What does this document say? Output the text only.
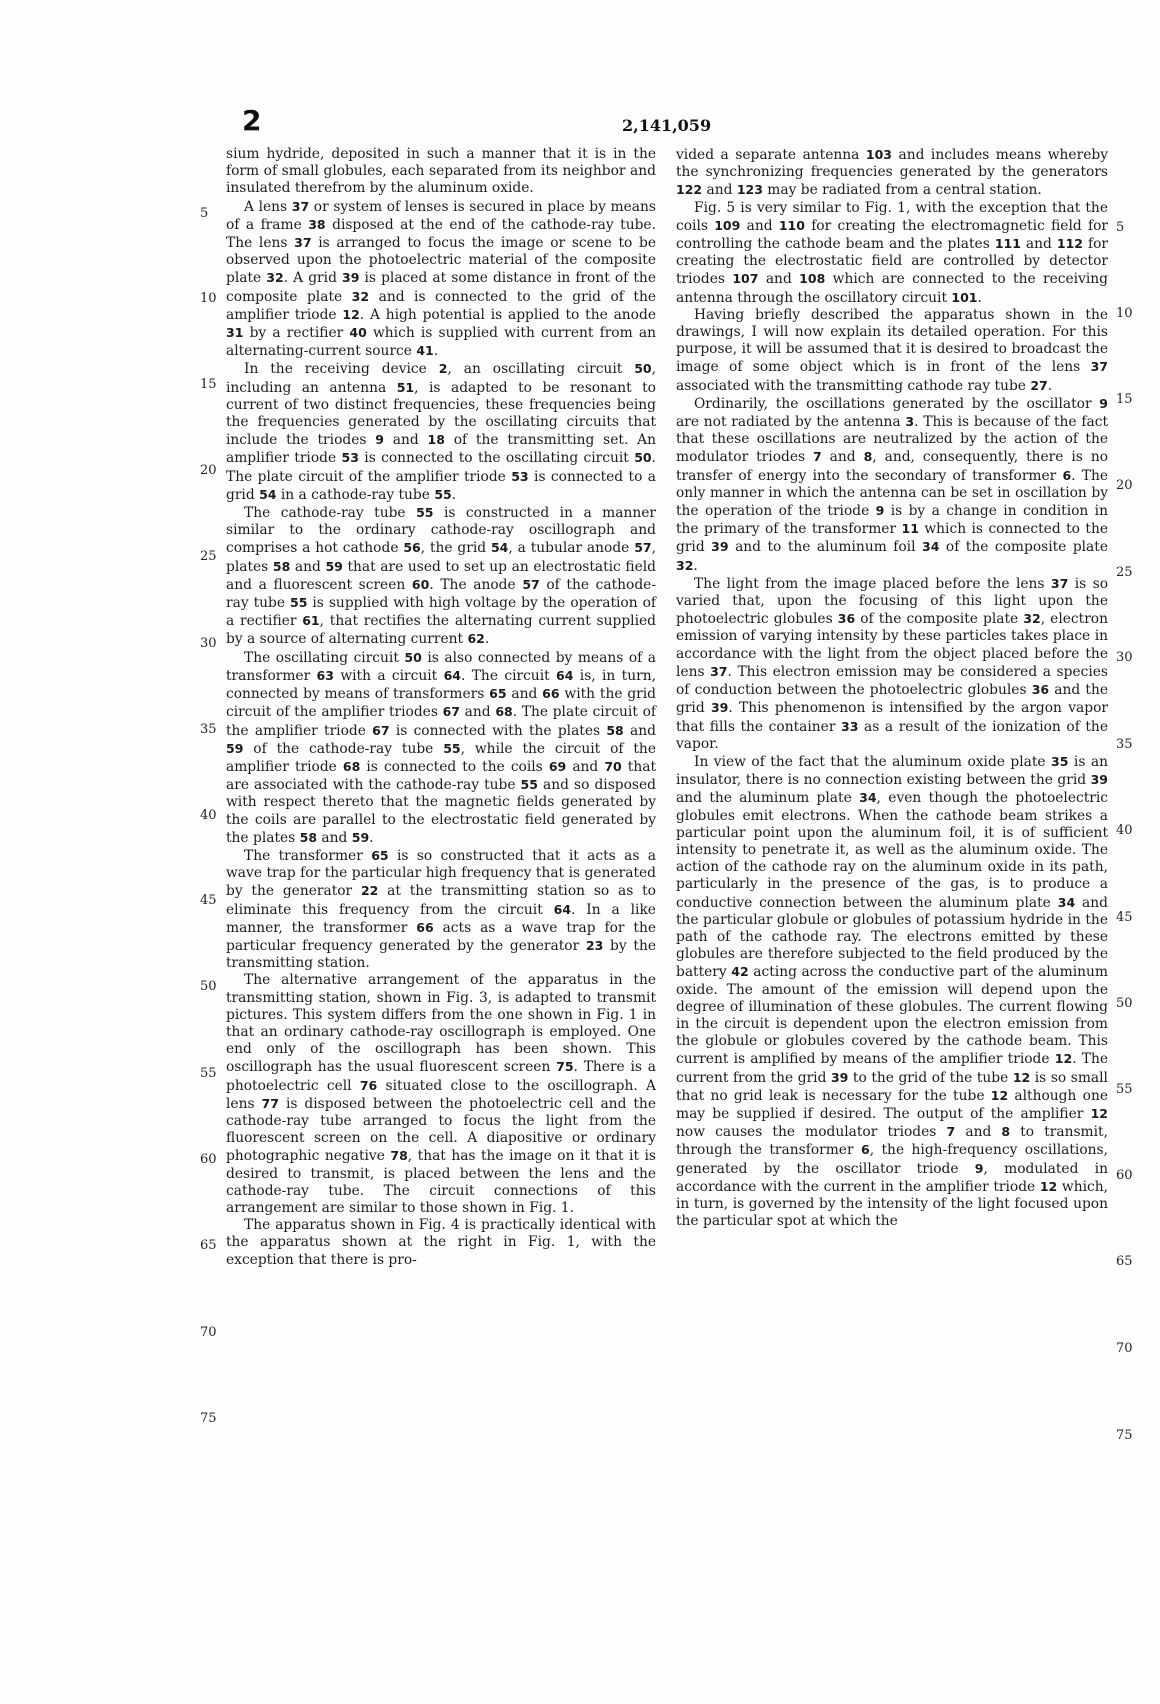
2	2,141,059

sium hydride, deposited in such a manner that it is in the form of small globules, each separated from its neighbor and insulated therefrom by the aluminum oxide.

A lens 37 or system of lenses is secured in place by means of a frame 38 disposed at the end of the cathode-ray tube. The lens 37 is arranged to focus the image or scene to be observed upon the photoelectric material of the composite plate 32. A grid 39 is placed at some distance in front of the composite plate 32 and is connected to the grid of the amplifier triode 12. A high potential is applied to the anode 31 by a rectifier 40 which is supplied with current from an alternating-current source 41.

In the receiving device 2, an oscillating circuit 50, including an antenna 51, is adapted to be resonant to current of two distinct frequencies, these frequencies being the frequencies generated by the oscillating circuits that include the triodes 9 and 18 of the transmitting set. An amplifier triode 53 is connected to the oscillating circuit 50. The plate circuit of the amplifier triode 53 is connected to a grid 54 in a cathode-ray tube 55.

The cathode-ray tube 55 is constructed in a manner similar to the ordinary cathode-ray oscillograph and comprises a hot cathode 56, the grid 54, a tubular anode 57, plates 58 and 59 that are used to set up an electrostatic field and a fluorescent screen 60. The anode 57 of the cathode-ray tube 55 is supplied with high voltage by the operation of a rectifier 61, that rectifies the alternating current supplied by a source of alternating current 62.

The oscillating circuit 50 is also connected by means of a transformer 63 with a circuit 64. The circuit 64 is, in turn, connected by means of transformers 65 and 66 with the grid circuit of the amplifier triodes 67 and 68. The plate circuit of the amplifier triode 67 is connected with the plates 58 and 59 of the cathode-ray tube 55, while the circuit of the amplifier triode 68 is connected to the coils 69 and 70 that are associated with the cathode-ray tube 55 and so disposed with respect thereto that the magnetic fields generated by the coils are parallel to the electrostatic field generated by the plates 58 and 59.

The transformer 65 is so constructed that it acts as a wave trap for the particular high frequency that is generated by the generator 22 at the transmitting station so as to eliminate this frequency from the circuit 64. In a like manner, the transformer 66 acts as a wave trap for the particular frequency generated by the generator 23 by the transmitting station.

The alternative arrangement of the apparatus in the transmitting station, shown in Fig. 3, is adapted to transmit pictures. This system differs from the one shown in Fig. 1 in that an ordinary cathode-ray oscillograph is employed. One end only of the oscillograph has been shown. This oscillograph has the usual fluorescent screen 75. There is a photoelectric cell 76 situated close to the oscillograph. A lens 77 is disposed between the photoelectric cell and the cathode-ray tube arranged to focus the light from the fluorescent screen on the cell. A diapositive or ordinary photographic negative 78, that has the image on it that it is desired to transmit, is placed between the lens and the cathode-ray tube. The circuit connections of this arrangement are similar to those shown in Fig. 1.

The apparatus shown in Fig. 4 is practically identical with the apparatus shown at the right in Fig. 1, with the exception that there is pro-

vided a separate antenna 103 and includes means whereby the synchronizing frequencies generated by the generators 122 and 123 may be radiated from a central station.

Fig. 5 is very similar to Fig. 1, with the exception that the coils 109 and 110 for creating the electromagnetic field for controlling the cathode beam and the plates 111 and 112 for creating the electrostatic field are controlled by detector triodes 107 and 108 which are connected to the receiving antenna through the oscillatory circuit 101.

Having briefly described the apparatus shown in the drawings, I will now explain its detailed operation. For this purpose, it will be assumed that it is desired to broadcast the image of some object which is in front of the lens 37 associated with the transmitting cathode ray tube 27.

Ordinarily, the oscillations generated by the oscillator 9 are not radiated by the antenna 3. This is because of the fact that these oscillations are neutralized by the action of the modulator triodes 7 and 8, and, consequently, there is no transfer of energy into the secondary of transformer 6. The only manner in which the antenna can be set in oscillation by the operation of the triode 9 is by a change in condition in the primary of the transformer 11 which is connected to the grid 39 and to the aluminum foil 34 of the composite plate 32.

The light from the image placed before the lens 37 is so varied that, upon the focusing of this light upon the photoelectric globules 36 of the composite plate 32, electron emission of varying intensity by these particles takes place in accordance with the light from the object placed before the lens 37. This electron emission may be considered a species of conduction between the photoelectric globules 36 and the grid 39. This phenomenon is intensified by the argon vapor that fills the container 33 as a result of the ionization of the vapor.

In view of the fact that the aluminum oxide plate 35 is an insulator, there is no connection existing between the grid 39 and the aluminum plate 34, even though the photoelectric globules emit electrons. When the cathode beam strikes a particular point upon the aluminum foil, it is of sufficient intensity to penetrate it, as well as the aluminum oxide. The action of the cathode ray on the aluminum oxide in its path, particularly in the presence of the gas, is to produce a conductive connection between the aluminum plate 34 and the particular globule or globules of potassium hydride in the path of the cathode ray. The electrons emitted by these globules are therefore subjected to the field produced by the battery 42 acting across the conductive part of the aluminum oxide. The amount of the emission will depend upon the degree of illumination of these globules. The current flowing in the circuit is dependent upon the electron emission from the globule or globules covered by the cathode beam. This current is amplified by means of the amplifier triode 12. The current from the grid 39 to the grid of the tube 12 is so small that no grid leak is necessary for the tube 12 although one may be supplied if desired. The output of the amplifier 12 now causes the modulator triodes 7 and 8 to transmit, through the transformer 6, the high-frequency oscillations, generated by the oscillator triode 9, modulated in accordance with the current in the amplifier triode 12 which, in turn, is governed by the intensity of the light focused upon the particular spot at which the

5
10
15
20
25
30
35
40
45
50
55
60
65
70
75
5
10
15
20
25
30
35
40
45
50
55
60
65
70
75
